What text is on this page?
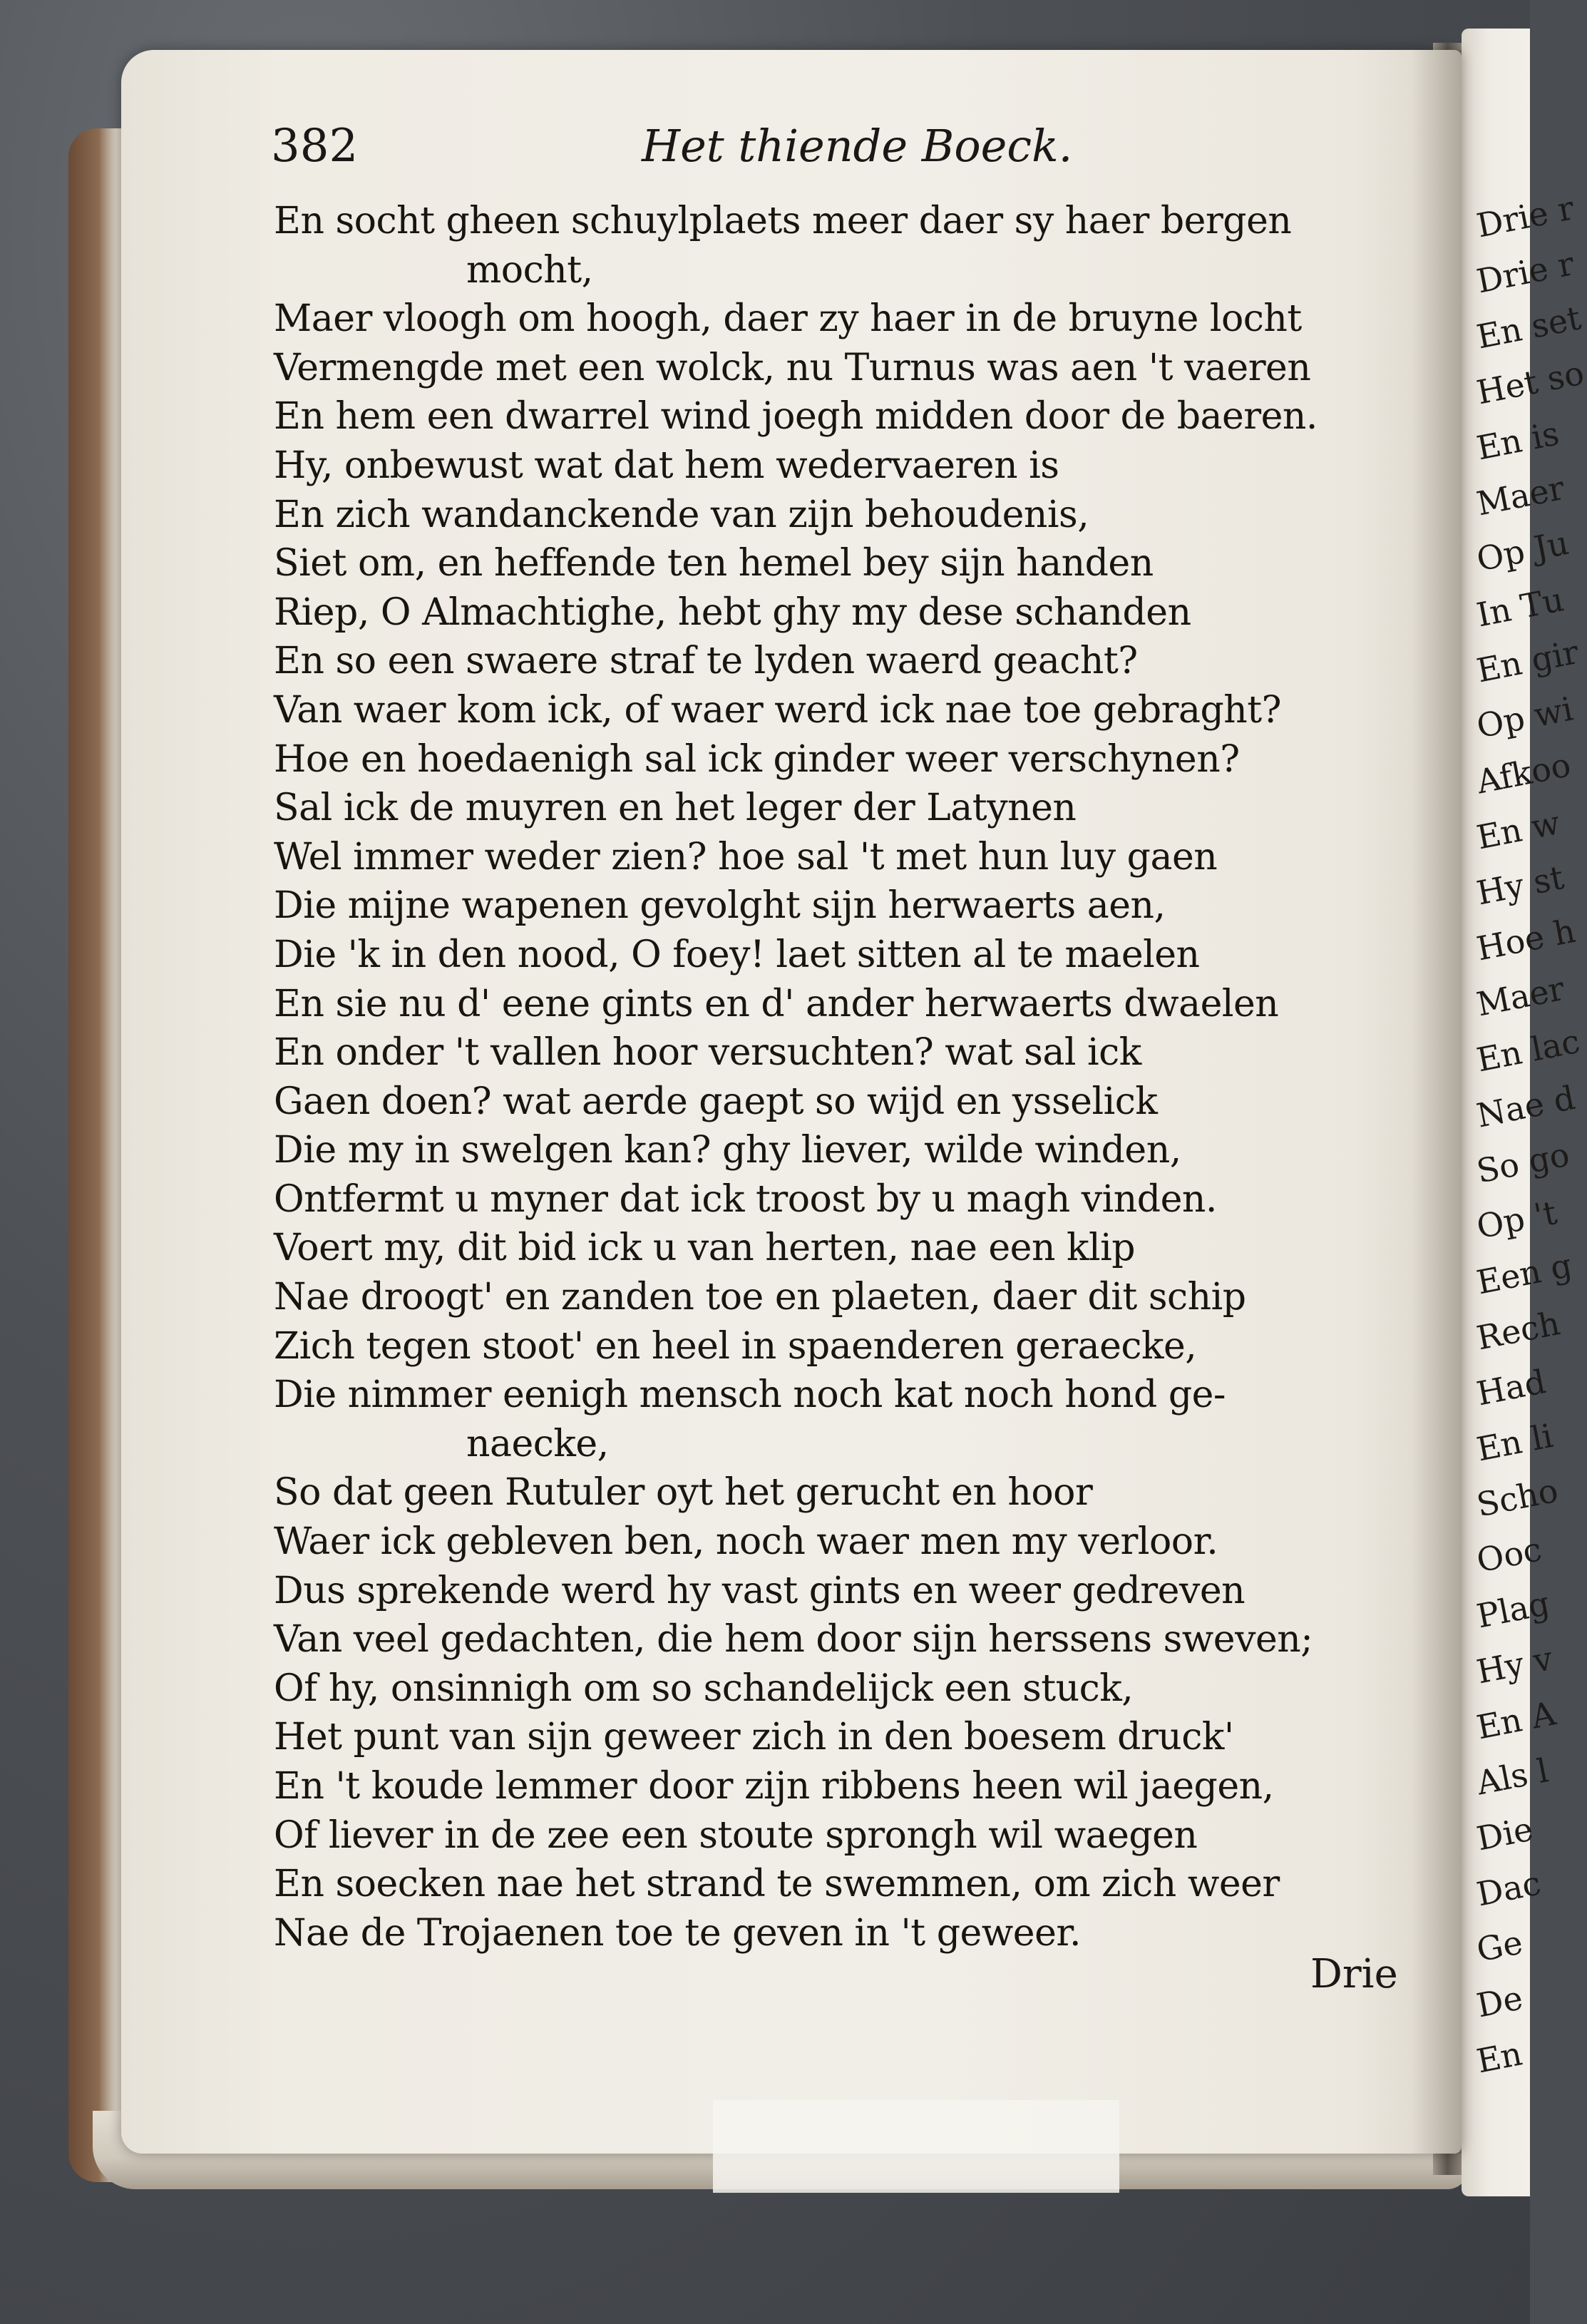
Drie r
Drie r
En set
Het so
En is
Maer
Op Ju
In Tu
En gir
Op wi
Afkoo
En w
Hy st
Hoe h
Maer
En lac
Nae d
So go
Op 't
Een g
Rech
Had
En li
Scho
Ooc
Plag
Hy v
En A
Als l
Die
Dac
Ge
De
En
382	Het thiende Boeck.
En socht gheen schuylplaets meer daer sy haer bergen
mocht,
Maer vloogh om hoogh, daer zy haer in de bruyne locht
Vermengde met een wolck, nu Turnus was aen 't vaeren
En hem een dwarrel wind joegh midden door de baeren.
Hy, onbewust wat dat hem wedervaeren is
En zich wandanckende van zijn behoudenis,
Siet om, en heffende ten hemel bey sijn handen
Riep, O Almachtighe, hebt ghy my dese schanden
En so een swaere straf te lyden waerd geacht?
Van waer kom ick, of waer werd ick nae toe gebraght?
Hoe en hoedaenigh sal ick ginder weer verschynen?
Sal ick de muyren en het leger der Latynen
Wel immer weder zien? hoe sal 't met hun luy gaen
Die mijne wapenen gevolght sijn herwaerts aen,
Die 'k in den nood, O foey! laet sitten al te maelen
En sie nu d' eene gints en d' ander herwaerts dwaelen
En onder 't vallen hoor versuchten? wat sal ick
Gaen doen? wat aerde gaept so wijd en ysselick
Die my in swelgen kan? ghy liever, wilde winden,
Ontfermt u myner dat ick troost by u magh vinden.
Voert my, dit bid ick u van herten, nae een klip
Nae droogt' en zanden toe en plaeten, daer dit schip
Zich tegen stoot' en heel in spaenderen geraecke,
Die nimmer eenigh mensch noch kat noch hond ge-
naecke,
So dat geen Rutuler oyt het gerucht en hoor
Waer ick gebleven ben, noch waer men my verloor.
Dus sprekende werd hy vast gints en weer gedreven
Van veel gedachten, die hem door sijn herssens sweven;
Of hy, onsinnigh om so schandelijck een stuck,
Het punt van sijn geweer zich in den boesem druck'
En 't koude lemmer door zijn ribbens heen wil jaegen,
Of liever in de zee een stoute sprongh wil waegen
En soecken nae het strand te swemmen, om zich weer
Nae de Trojaenen toe te geven in 't geweer.
Drie
